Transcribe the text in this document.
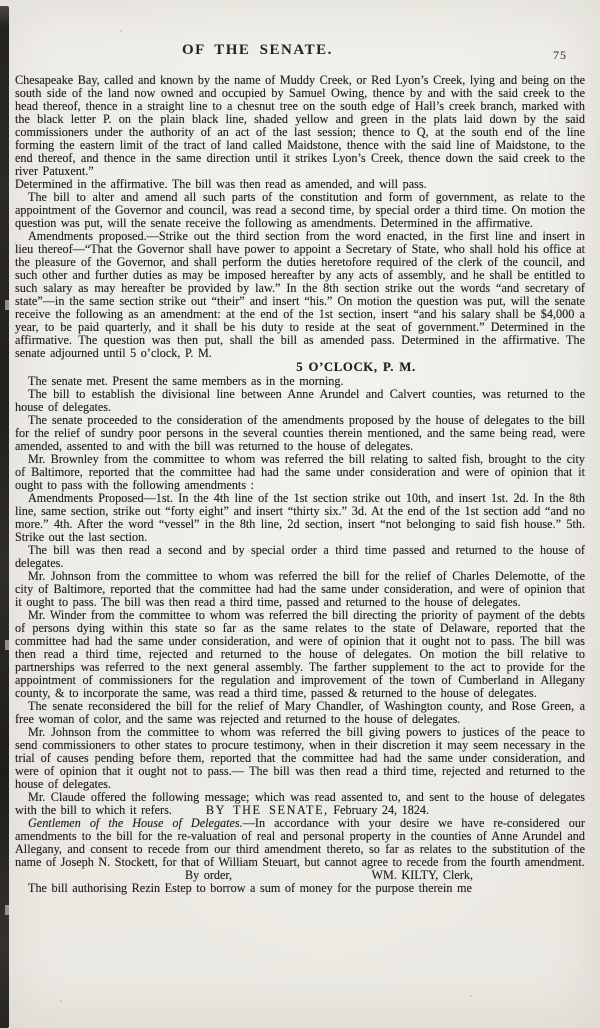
OF THE SENATE.	75

Chesapeake Bay, called and known by the name of Muddy Creek, or Red Lyon’s Creek, lying and being on the south side of the land now owned and occupied by Samuel Owing, thence by and with the said creek to the head thereof, thence in a straight line to a chesnut tree on the south edge of Hall’s creek branch, marked with the black letter P. on the plain black line, shaded yellow and green in the plats laid down by the said commissioners under the authority of an act of the last session; thence to Q, at the south end of the line forming the eastern limit of the tract of land called Maidstone, thence with the said line of Maidstone, to the end thereof, and thence in the same direction until it strikes Lyon’s Creek, thence down the said creek to the river Patuxent.”

Determined in the affirmative. The bill was then read as amended, and will pass.

The bill to alter and amend all such parts of the constitution and form of government, as relate to the appointment of the Governor and council, was read a second time, by special order a third time. On motion the question was put, will the senate receive the following as amendments. Determined in the affirmative.

Amendments proposed.—Strike out the third section from the word enacted, in the first line and insert in lieu thereof—“That the Governor shall have power to appoint a Secretary of State, who shall hold his office at the pleasure of the Governor, and shall perform the duties heretofore required of the clerk of the council, and such other and further duties as may be imposed hereafter by any acts of assembly, and he shall be entitled to such salary as may hereafter be provided by law.” In the 8th section strike out the words “and secretary of state”—in the same section strike out “their” and insert “his.” On motion the question was put, will the senate receive the following as an amendment: at the end of the 1st section, insert “and his salary shall be $4,000 a year, to be paid quarterly, and it shall be his duty to reside at the seat of government.” Determined in the affirmative. The question was then put, shall the bill as amended pass. Determined in the affirmative. The senate adjourned until 5 o’clock, P. M.

5 O’CLOCK, P. M.

The senate met. Present the same members as in the morning.

The bill to establish the divisional line between Anne Arundel and Calvert counties, was returned to the house of delegates.

The senate proceeded to the consideration of the amendments proposed by the house of delegates to the bill for the relief of sundry poor persons in the several counties therein mentioned, and the same being read, were amended, assented to and with the bill was returned to the house of delegates.

Mr. Brownley from the committee to whom was referred the bill relating to salted fish, brought to the city of Baltimore, reported that the committee had had the same under consideration and were of opinion that it ought to pass with the following amendments :

Amendments Proposed—1st. In the 4th line of the 1st section strike out 10th, and insert 1st. 2d. In the 8th line, same section, strike out “forty eight” and insert “thirty six.” 3d. At the end of the 1st section add “and no more.” 4th. After the word “vessel” in the 8th line, 2d section, insert “not belonging to said fish house.” 5th. Strike out the last section.

The bill was then read a second and by special order a third time passed and returned to the house of delegates.

Mr. Johnson from the committee to whom was referred the bill for the relief of Charles Delemotte, of the city of Baltimore, reported that the committee had had the same under consideration, and were of opinion that it ought to pass. The bill was then read a third time, passed and returned to the house of delegates.

Mr. Winder from the committee to whom was referred the bill directing the priority of payment of the debts of persons dying within this state so far as the same relates to the state of Delaware, reported that the committee had had the same under consideration, and were of opinion that it ought not to pass. The bill was then read a third time, rejected and returned to the house of delegates. On motion the bill relative to partnerships was referred to the next general assembly. The farther supplement to the act to provide for the appointment of commissioners for the regulation and improvement of the town of Cumberland in Allegany county, & to incorporate the same, was read a third time, passed & returned to the house of delegates.

The senate reconsidered the bill for the relief of Mary Chandler, of Washington county, and Rose Green, a free woman of color, and the same was rejected and returned to the house of delegates.

Mr. Johnson from the committee to whom was referred the bill giving powers to justices of the peace to send commissioners to other states to procure testimony, when in their discretion it may seem necessary in the trial of causes pending before them, reported that the committee had had the same under consideration, and were of opinion that it ought not to pass.— The bill was then read a third time, rejected and returned to the house of delegates.

Mr. Claude offered the following message; which was read assented to, and sent to the house of delegates with the bill to which it refers.	BY THE SENATE, February 24, 1824.

Gentlemen of the House of Delegates.—In accordance with your desire we have re-considered our amendments to the bill for the re-valuation of real and personal property in the counties of Anne Arundel and Allegany, and consent to recede from our third amendment thereto, so far as relates to the substitution of the name of Joseph N. Stockett, for that of William Steuart, but cannot agree to recede from the fourth amendment.

By order,	WM. KILTY, Clerk,

The bill authorising Rezin Estep to borrow a sum of money for the purpose therein me
